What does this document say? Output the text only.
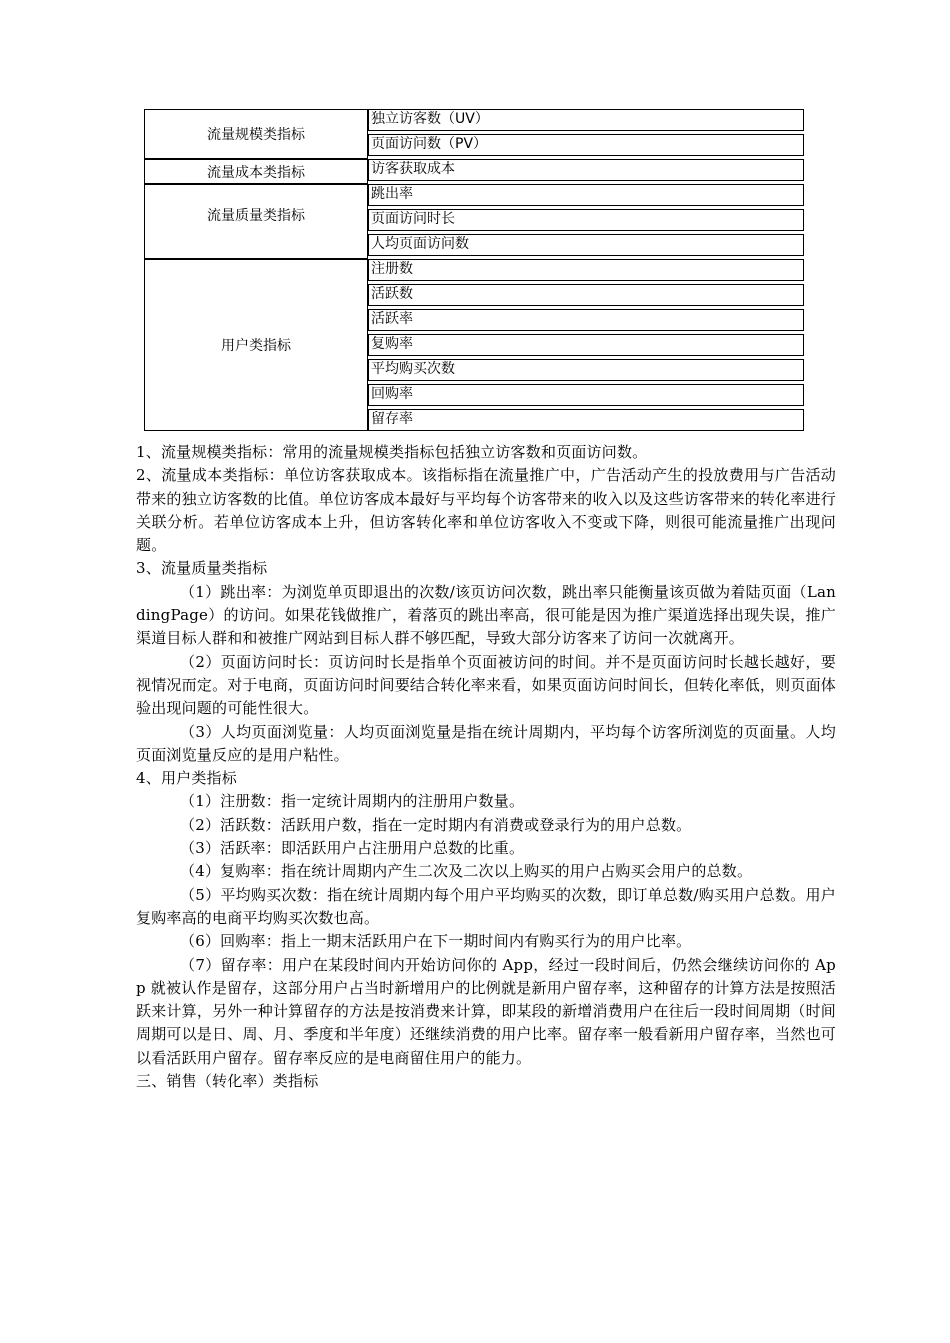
流量规模类指标
独立访客数（UV）
页面访问数（PV）
流量成本类指标	访客获取成本
流量质量类指标
跳出率
页面访问时长
人均页面访问数
用户类指标
注册数
活跃数
活跃率
复购率
平均购买次数
回购率
留存率

1、流量规模类指标：常用的流量规模类指标包括独立访客数和页面访问数。

2、流量成本类指标：单位访客获取成本。该指标指在流量推广中，广告活动产生的投放费用与广告活动带来的独立访客数的比值。单位访客成本最好与平均每个访客带来的收入以及这些访客带来的转化率进行关联分析。若单位访客成本上升，但访客转化率和单位访客收入不变或下降，则很可能流量推广出现问题。

3、流量质量类指标

（1）跳出率：为浏览单页即退出的次数/该页访问次数，跳出率只能衡量该页做为着陆页面（LandingPage）的访问。如果花钱做推广，着落页的跳出率高，很可能是因为推广渠道选择出现失误，推广渠道目标人群和和被推广网站到目标人群不够匹配，导致大部分访客来了访问一次就离开。

（2）页面访问时长：页访问时长是指单个页面被访问的时间。并不是页面访问时长越长越好，要视情况而定。对于电商，页面访问时间要结合转化率来看，如果页面访问时间长，但转化率低，则页面体验出现问题的可能性很大。

（3）人均页面浏览量：人均页面浏览量是指在统计周期内，平均每个访客所浏览的页面量。人均页面浏览量反应的是用户粘性。

4、用户类指标

（1）注册数：指一定统计周期内的注册用户数量。

（2）活跃数：活跃用户数，指在一定时期内有消费或登录行为的用户总数。

（3）活跃率：即活跃用户占注册用户总数的比重。

（4）复购率：指在统计周期内产生二次及二次以上购买的用户占购买会用户的总数。

（5）平均购买次数：指在统计周期内每个用户平均购买的次数，即订单总数/购买用户总数。用户复购率高的电商平均购买次数也高。

（6）回购率：指上一期末活跃用户在下一期时间内有购买行为的用户比率。

（7）留存率：用户在某段时间内开始访问你的 App，经过一段时间后，仍然会继续访问你的 App 就被认作是留存，这部分用户占当时新增用户的比例就是新用户留存率，这种留存的计算方法是按照活跃来计算，另外一种计算留存的方法是按消费来计算，即某段的新增消费用户在往后一段时间周期（时间周期可以是日、周、月、季度和半年度）还继续消费的用户比率。留存率一般看新用户留存率，当然也可以看活跃用户留存。留存率反应的是电商留住用户的能力。

三、销售（转化率）类指标
